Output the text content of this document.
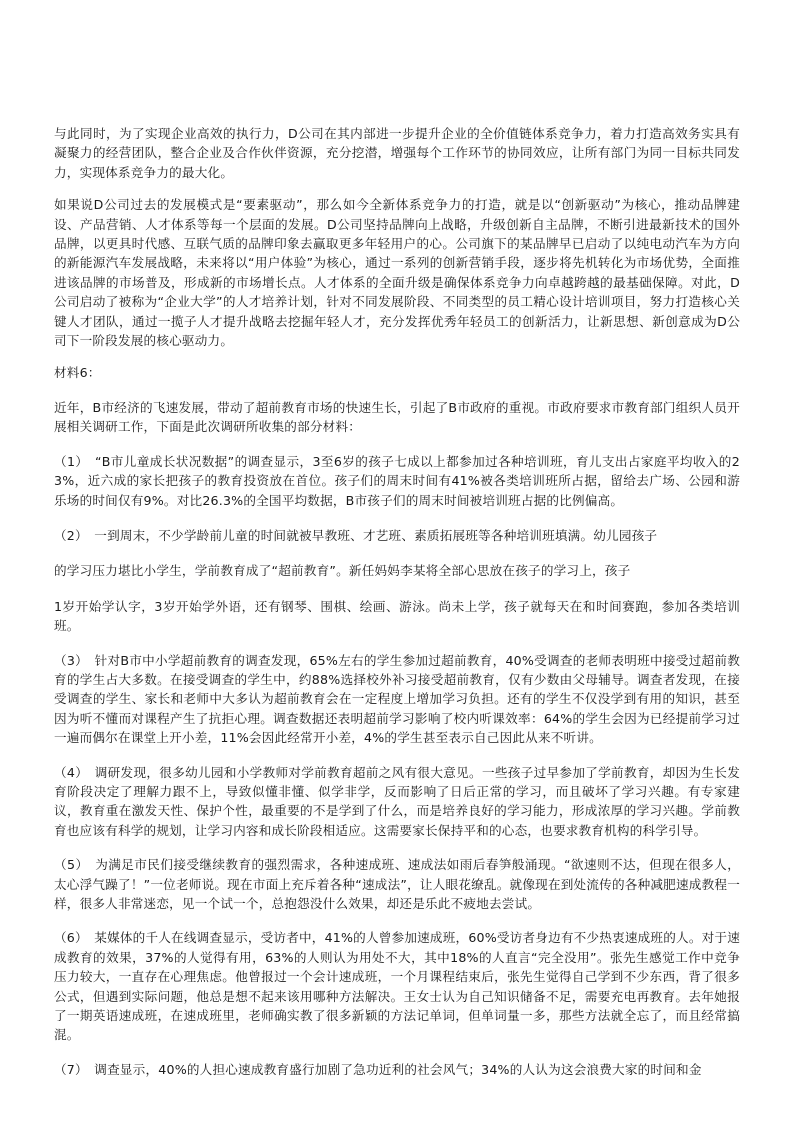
与此同时，为了实现企业高效的执行力，D公司在其内部进一步提升企业的全价值链体系竞争力，着力打造高效务实具有凝聚力的经营团队，整合企业及合作伙伴资源，充分挖潜，增强每个工作环节的协同效应，让所有部门为同一目标共同发力，实现体系竞争力的最大化。

如果说D公司过去的发展模式是“要素驱动”，那么如今全新体系竞争力的打造，就是以“创新驱动”为核心，推动品牌建设、产品营销、人才体系等每一个层面的发展。D公司坚持品牌向上战略，升级创新自主品牌，不断引进最新技术的国外品牌，以更具时代感、互联气质的品牌印象去赢取更多年轻用户的心。公司旗下的某品牌早已启动了以纯电动汽车为方向的新能源汽车发展战略，未来将以“用户体验”为核心，通过一系列的创新营销手段，逐步将先机转化为市场优势，全面推进该品牌的市场普及，形成新的市场增长点。人才体系的全面升级是确保体系竞争力向卓越跨越的最基础保障。对此，D公司启动了被称为“企业大学”的人才培养计划，针对不同发展阶段、不同类型的员工精心设计培训项目，努力打造核心关键人才团队，通过一揽子人才提升战略去挖掘年轻人才，充分发挥优秀年轻员工的创新活力，让新思想、新创意成为D公司下一阶段发展的核心驱动力。

材料6：

近年，B市经济的飞速发展，带动了超前教育市场的快速生长，引起了B市政府的重视。市政府要求市教育部门组织人员开展相关调研工作，下面是此次调研所收集的部分材料：

（1）　“B市儿童成长状况数据”的调查显示，3至6岁的孩子七成以上都参加过各种培训班，育儿支出占家庭平均收入的23%，近六成的家长把孩子的教育投资放在首位。孩子们的周末时间有41%被各类培训班所占据，留给去广场、公园和游乐场的时间仅有9%。对比26.3%的全国平均数据，B市孩子们的周末时间被培训班占据的比例偏高。

（2）　一到周末，不少学龄前儿童的时间就被早教班、才艺班、素质拓展班等各种培训班填满。幼儿园孩子

的学习压力堪比小学生，学前教育成了“超前教育”。新任妈妈李某将全部心思放在孩子的学习上，孩子

1岁开始学认字，3岁开始学外语，还有钢琴、围棋、绘画、游泳。尚未上学，孩子就每天在和时间赛跑，参加各类培训班。

（3）　针对B市中小学超前教育的调查发现，65%左右的学生参加过超前教育，40%受调查的老师表明班中接受过超前教育的学生占大多数。在接受调查的学生中，约88%选择校外补习接受超前教育，仅有少数由父母辅导。调查者发现，在接受调查的学生、家长和老师中大多认为超前教育会在一定程度上增加学习负担。还有的学生不仅没学到有用的知识，甚至因为听不懂而对课程产生了抗拒心理。调查数据还表明超前学习影响了校内听课效率：64%的学生会因为已经提前学习过一遍而偶尔在课堂上开小差，11%会因此经常开小差，4%的学生甚至表示自己因此从来不听讲。

（4）　调研发现，很多幼儿园和小学教师对学前教育超前之风有很大意见。一些孩子过早参加了学前教育，却因为生长发育阶段决定了理解力跟不上，导致似懂非懂、似学非学，反而影响了日后正常的学习，而且破坏了学习兴趣。有专家建议，教育重在激发天性、保护个性，最重要的不是学到了什么，而是培养良好的学习能力，形成浓厚的学习兴趣。学前教育也应该有科学的规划，让学习内容和成长阶段相适应。这需要家长保持平和的心态，也要求教育机构的科学引导。

（5）　为满足市民们接受继续教育的强烈需求，各种速成班、速成法如雨后春笋般涌现。“欲速则不达，但现在很多人，太心浮气躁了！”一位老师说。现在市面上充斥着各种“速成法”，让人眼花缭乱。就像现在到处流传的各种减肥速成教程一样，很多人非常迷恋，见一个试一个，总抱怨没什么效果，却还是乐此不疲地去尝试。

（6）　某媒体的千人在线调查显示，受访者中，41%的人曾参加速成班，60%受访者身边有不少热衷速成班的人。对于速成教育的效果，37%的人觉得有用，63%的人则认为用处不大，其中18%的人直言“完全没用”。张先生感觉工作中竞争压力较大，一直存在心理焦虑。他曾报过一个会计速成班，一个月课程结束后，张先生觉得自己学到不少东西，背了很多公式，但遇到实际问题，他总是想不起来该用哪种方法解决。王女士认为自己知识储备不足，需要充电再教育。去年她报了一期英语速成班，在速成班里，老师确实教了很多新颖的方法记单词，但单词量一多，那些方法就全忘了，而且经常搞混。

（7）　调查显示，40%的人担心速成教育盛行加剧了急功近利的社会风气；34%的人认为这会浪费大家的时间和金
